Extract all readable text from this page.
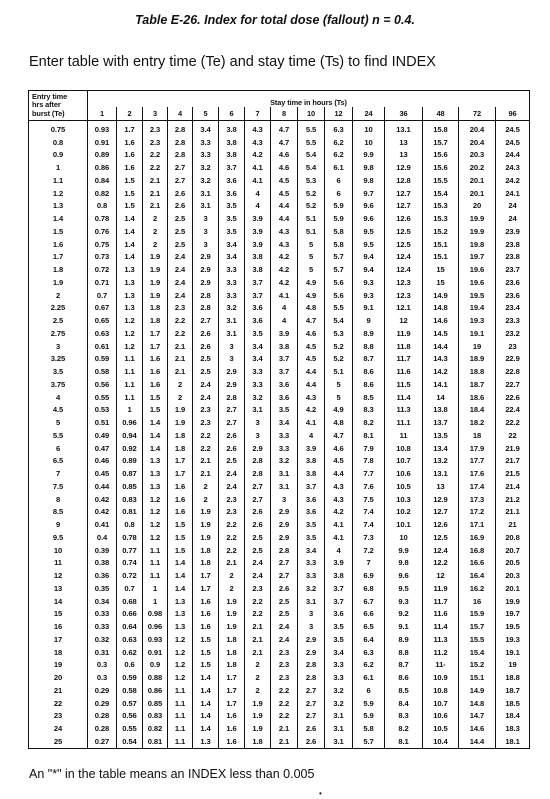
Table E-26. Index for total dose (fallout) n = 0.4.
Enter table with entry time (Te) and stay time (Ts) to find INDEX
Entry time
hrs after
burst (Te)	Stay time in hours (Ts)														
	1	2	3	4	5	6	7	8	10	12	24	36	48	72	96
0.75	0.93	1.7	2.3	2.8	3.4	3.8	4.3	4.7	5.5	6.3	10	13.1	15.8	20.4	24.5
0.8	0.91	1.6	2.3	2.8	3.3	3.8	4.3	4.7	5.5	6.2	10	13	15.7	20.4	24.5
0.9	0.89	1.6	2.2	2.8	3.3	3.8	4.2	4.6	5.4	6.2	9.9	13	15.6	20.3	24.4
1	0.86	1.6	2.2	2.7	3.2	3.7	4.1	4.6	5.4	6.1	9.8	12.9	15.6	20.2	24.3
1.1	0.84	1.5	2.1	2.7	3.2	3.6	4.1	4.5	5.3	6	9.8	12.8	15.5	20.1	24.2
1.2	0.82	1.5	2.1	2.6	3.1	3.6	4	4.5	5.2	6	9.7	12.7	15.4	20.1	24.1
1.3	0.8	1.5	2.1	2.6	3.1	3.5	4	4.4	5.2	5.9	9.6	12.7	15.3	20	24
1.4	0.78	1.4	2	2.5	3	3.5	3.9	4.4	5.1	5.9	9.6	12.6	15.3	19.9	24
1.5	0.76	1.4	2	2.5	3	3.5	3.9	4.3	5.1	5.8	9.5	12.5	15.2	19.9	23.9
1.6	0.75	1.4	2	2.5	3	3.4	3.9	4.3	5	5.8	9.5	12.5	15.1	19.8	23.8
1.7	0.73	1.4	1.9	2.4	2.9	3.4	3.8	4.2	5	5.7	9.4	12.4	15.1	19.7	23.8
1.8	0.72	1.3	1.9	2.4	2.9	3.3	3.8	4.2	5	5.7	9.4	12.4	15	19.6	23.7
1.9	0.71	1.3	1.9	2.4	2.9	3.3	3.7	4.2	4.9	5.6	9.3	12.3	15	19.6	23.6
2	0.7	1.3	1.9	2.4	2.8	3.3	3.7	4.1	4.9	5.6	9.3	12.3	14.9	19.5	23.6
2.25	0.67	1.3	1.8	2.3	2.8	3.2	3.6	4	4.8	5.5	9.1	12.1	14.8	19.4	23.4
2.5	0.65	1.2	1.8	2.2	2.7	3.1	3.6	4	4.7	5.4	9	12	14.6	19.3	23.3
2.75	0.63	1.2	1.7	2.2	2.6	3.1	3.5	3.9	4.6	5.3	8.9	11.9	14.5	19.1	23.2
3	0.61	1.2	1.7	2.1	2.6	3	3.4	3.8	4.5	5.2	8.8	11.8	14.4	19	23
3.25	0.59	1.1	1.6	2.1	2.5	3	3.4	3.7	4.5	5.2	8.7	11.7	14.3	18.9	22.9
3.5	0.58	1.1	1.6	2.1	2.5	2.9	3.3	3.7	4.4	5.1	8.6	11.6	14.2	18.8	22.8
3.75	0.56	1.1	1.6	2	2.4	2.9	3.3	3.6	4.4	5	8.6	11.5	14.1	18.7	22.7
4	0.55	1.1	1.5	2	2.4	2.8	3.2	3.6	4.3	5	8.5	11.4	14	18.6	22.6
4.5	0.53	1	1.5	1.9	2.3	2.7	3.1	3.5	4.2	4.9	8.3	11.3	13.8	18.4	22.4
5	0.51	0.96	1.4	1.9	2.3	2.7	3	3.4	4.1	4.8	8.2	11.1	13.7	18.2	22.2
5.5	0.49	0.94	1.4	1.8	2.2	2.6	3	3.3	4	4.7	8.1	11	13.5	18	22
6	0.47	0.92	1.4	1.8	2.2	2.6	2.9	3.3	3.9	4.6	7.9	10.8	13.4	17.9	21.9
6.5	0.46	0.89	1.3	1.7	2.1	2.5	2.8	3.2	3.8	4.5	7.8	10.7	13.2	17.7	21.7
7	0.45	0.87	1.3	1.7	2.1	2.4	2.8	3.1	3.8	4.4	7.7	10.6	13.1	17.6	21.5
7.5	0.44	0.85	1.3	1.6	2	2.4	2.7	3.1	3.7	4.3	7.6	10.5	13	17.4	21.4
8	0.42	0.83	1.2	1.6	2	2.3	2.7	3	3.6	4.3	7.5	10.3	12.9	17.3	21.2
8.5	0.42	0.81	1.2	1.6	1.9	2.3	2.6	2.9	3.6	4.2	7.4	10.2	12.7	17.2	21.1
9	0.41	0.8	1.2	1.5	1.9	2.2	2.6	2.9	3.5	4.1	7.4	10.1	12.6	17.1	21
9.5	0.4	0.78	1.2	1.5	1.9	2.2	2.5	2.9	3.5	4.1	7.3	10	12.5	16.9	20.8
10	0.39	0.77	1.1	1.5	1.8	2.2	2.5	2.8	3.4	4	7.2	9.9	12.4	16.8	20.7
11	0.38	0.74	1.1	1.4	1.8	2.1	2.4	2.7	3.3	3.9	7	9.8	12.2	16.6	20.5
12	0.36	0.72	1.1	1.4	1.7	2	2.4	2.7	3.3	3.8	6.9	9.6	12	16.4	20.3
13	0.35	0.7	1	1.4	1.7	2	2.3	2.6	3.2	3.7	6.8	9.5	11.9	16.2	20.1
14	0.34	0.68	1	1.3	1.6	1.9	2.2	2.5	3.1	3.7	6.7	9.3	11.7	16	19.9
15	0.33	0.66	0.98	1.3	1.6	1.9	2.2	2.5	3	3.6	6.6	9.2	11.6	15.9	19.7
16	0.33	0.64	0.96	1.3	1.6	1.9	2.1	2.4	3	3.5	6.5	9.1	11.4	15.7	19.5
17	0.32	0.63	0.93	1.2	1.5	1.8	2.1	2.4	2.9	3.5	6.4	8.9	11.3	15.5	19.3
18	0.31	0.62	0.91	1.2	1.5	1.8	2.1	2.3	2.9	3.4	6.3	8.8	11.2	15.4	19.1
19	0.3	0.6	0.9	1.2	1.5	1.8	2	2.3	2.8	3.3	6.2	8.7	11-	15.2	19
20	0.3	0.59	0.88	1.2	1.4	1.7	2	2.3	2.8	3.3	6.1	8.6	10.9	15.1	18.8
21	0.29	0.58	0.86	1.1	1.4	1.7	2	2.2	2.7	3.2	6	8.5	10.8	14.9	18.7
22	0.29	0.57	0.85	1.1	1.4	1.7	1.9	2.2	2.7	3.2	5.9	8.4	10.7	14.8	18.5
23	0.28	0.56	0.83	1.1	1.4	1.6	1.9	2.2	2.7	3.1	5.9	8.3	10.6	14.7	18.4
24	0.28	0.55	0.82	1.1	1.4	1.6	1.9	2.1	2.6	3.1	5.8	8.2	10.5	14.6	18.3
25	0.27	0.54	0.81	1.1	1.3	1.6	1.8	2.1	2.6	3.1	5.7	8.1	10.4	14.4	18.1
An "*" in the table means an INDEX less than 0.005
•
